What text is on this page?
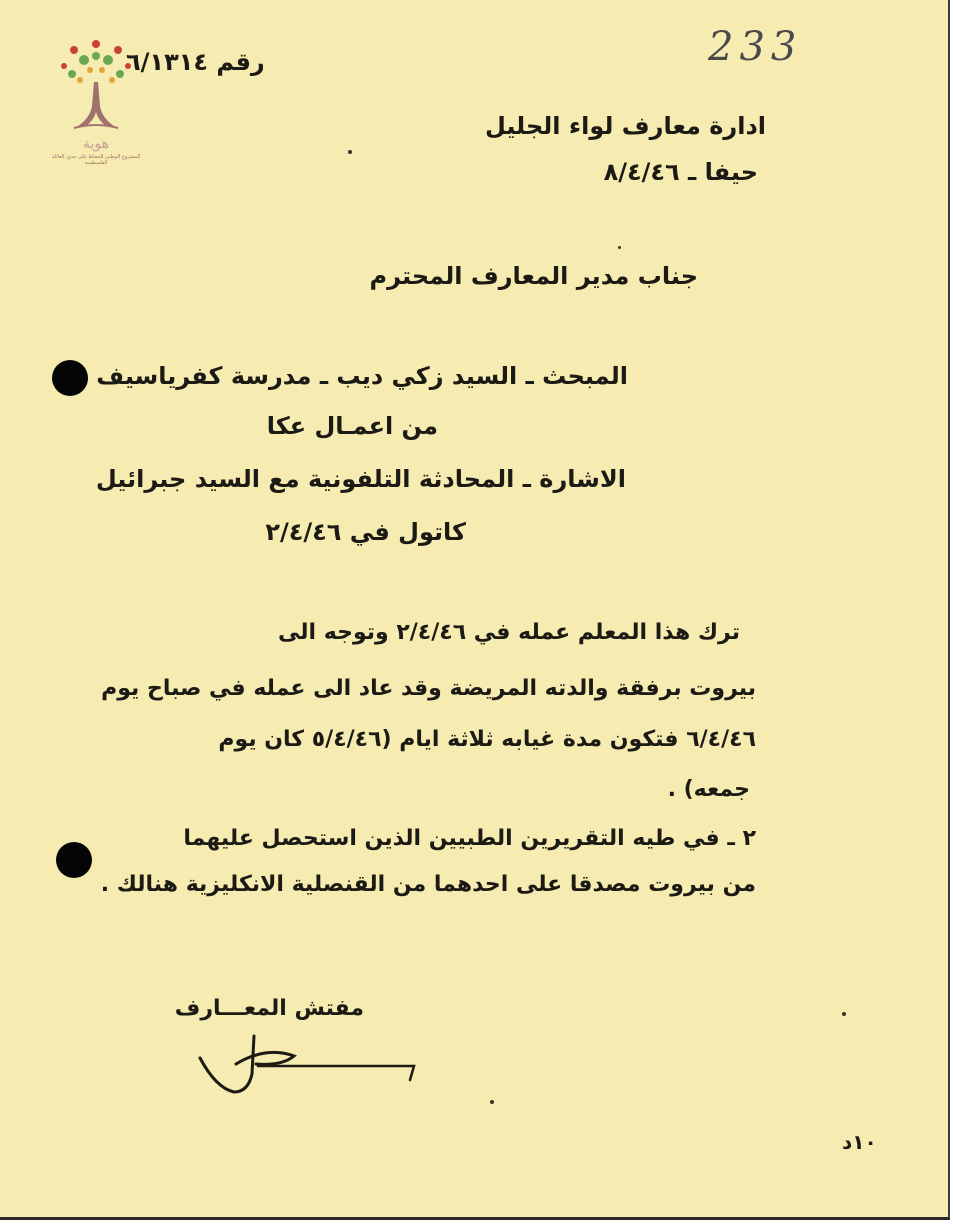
هوية
المشروع الوطني للحفاظ على جذور العائلة الفلسطينية
رقم ٦/١٣١٤	233
ادارة معارف لواء الجليل
حيفا ـ ٨/٤/٤٦
جناب مدير المعارف المحترم
المبحث ـ السيد زكي ديب ـ مدرسة كفرياسيف
من اعمـال عكا
الاشارة ـ المحادثة التلفونية مع السيد جبرائيل
كاتول في ٢/٤/٤٦
ترك هذا المعلم عمله في ٢/٤/٤٦ وتوجه الى
بيروت برفقة والدته المريضة وقد عاد الى عمله في صباح يوم
٦/٤/٤٦ فتكون مدة غيابه ثلاثة ايام (٥/٤/٤٦ كان يوم
جمعه) .
٢ ـ في طيه التقريرين الطبيين الذين استحصل عليهما
من بيروت مصدقا على احدهما من القنصلية الانكليزية هنالك .
مفتش المعـــارف
١٠د
